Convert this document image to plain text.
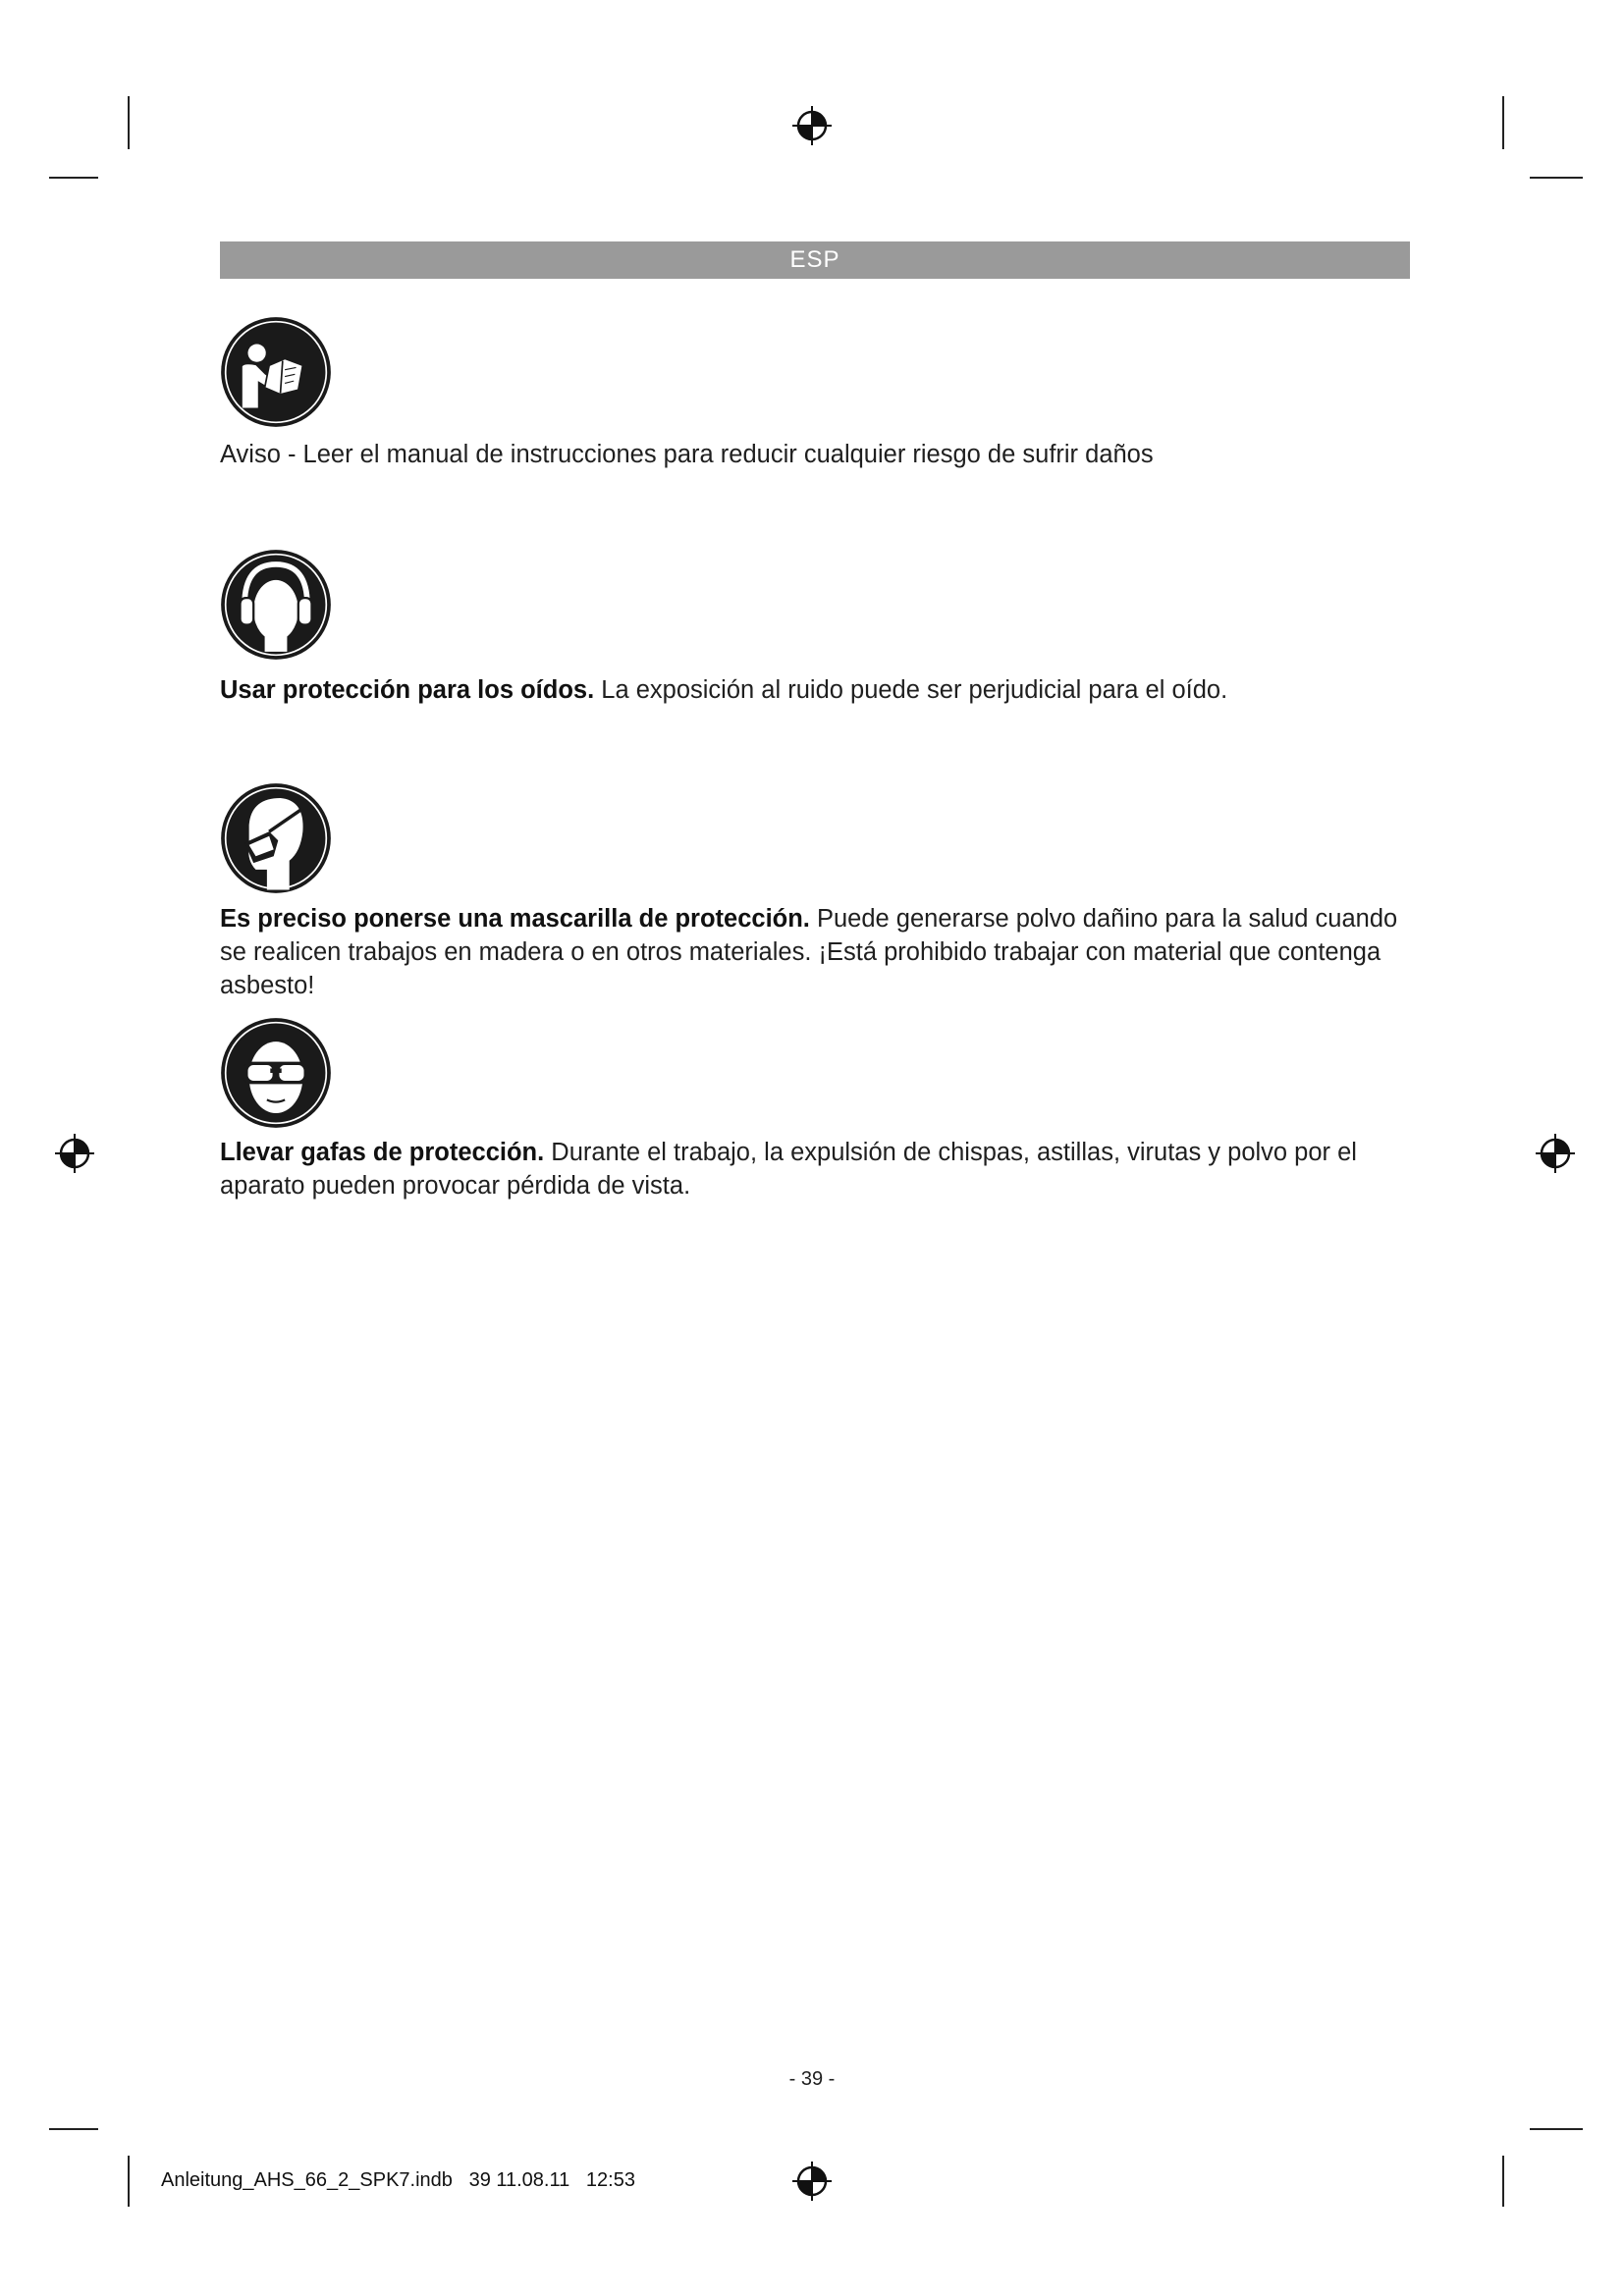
ESP

Aviso - Leer el manual de instrucciones para reducir cualquier riesgo de sufrir daños

Usar protección para los oídos. La exposición al ruido puede ser perjudicial para el oído.

Es preciso ponerse una mascarilla de protección. Puede generarse polvo dañino para la salud cuando se realicen trabajos en madera o en otros materiales. ¡Está prohibido trabajar con material que contenga asbesto!

Llevar gafas de protección. Durante el trabajo, la expulsión de chispas, astillas, virutas y polvo por el aparato pueden provocar pérdida de vista.

- 39 -
Anleitung_AHS_66_2_SPK7.indb   39 11.08.11   12:53
